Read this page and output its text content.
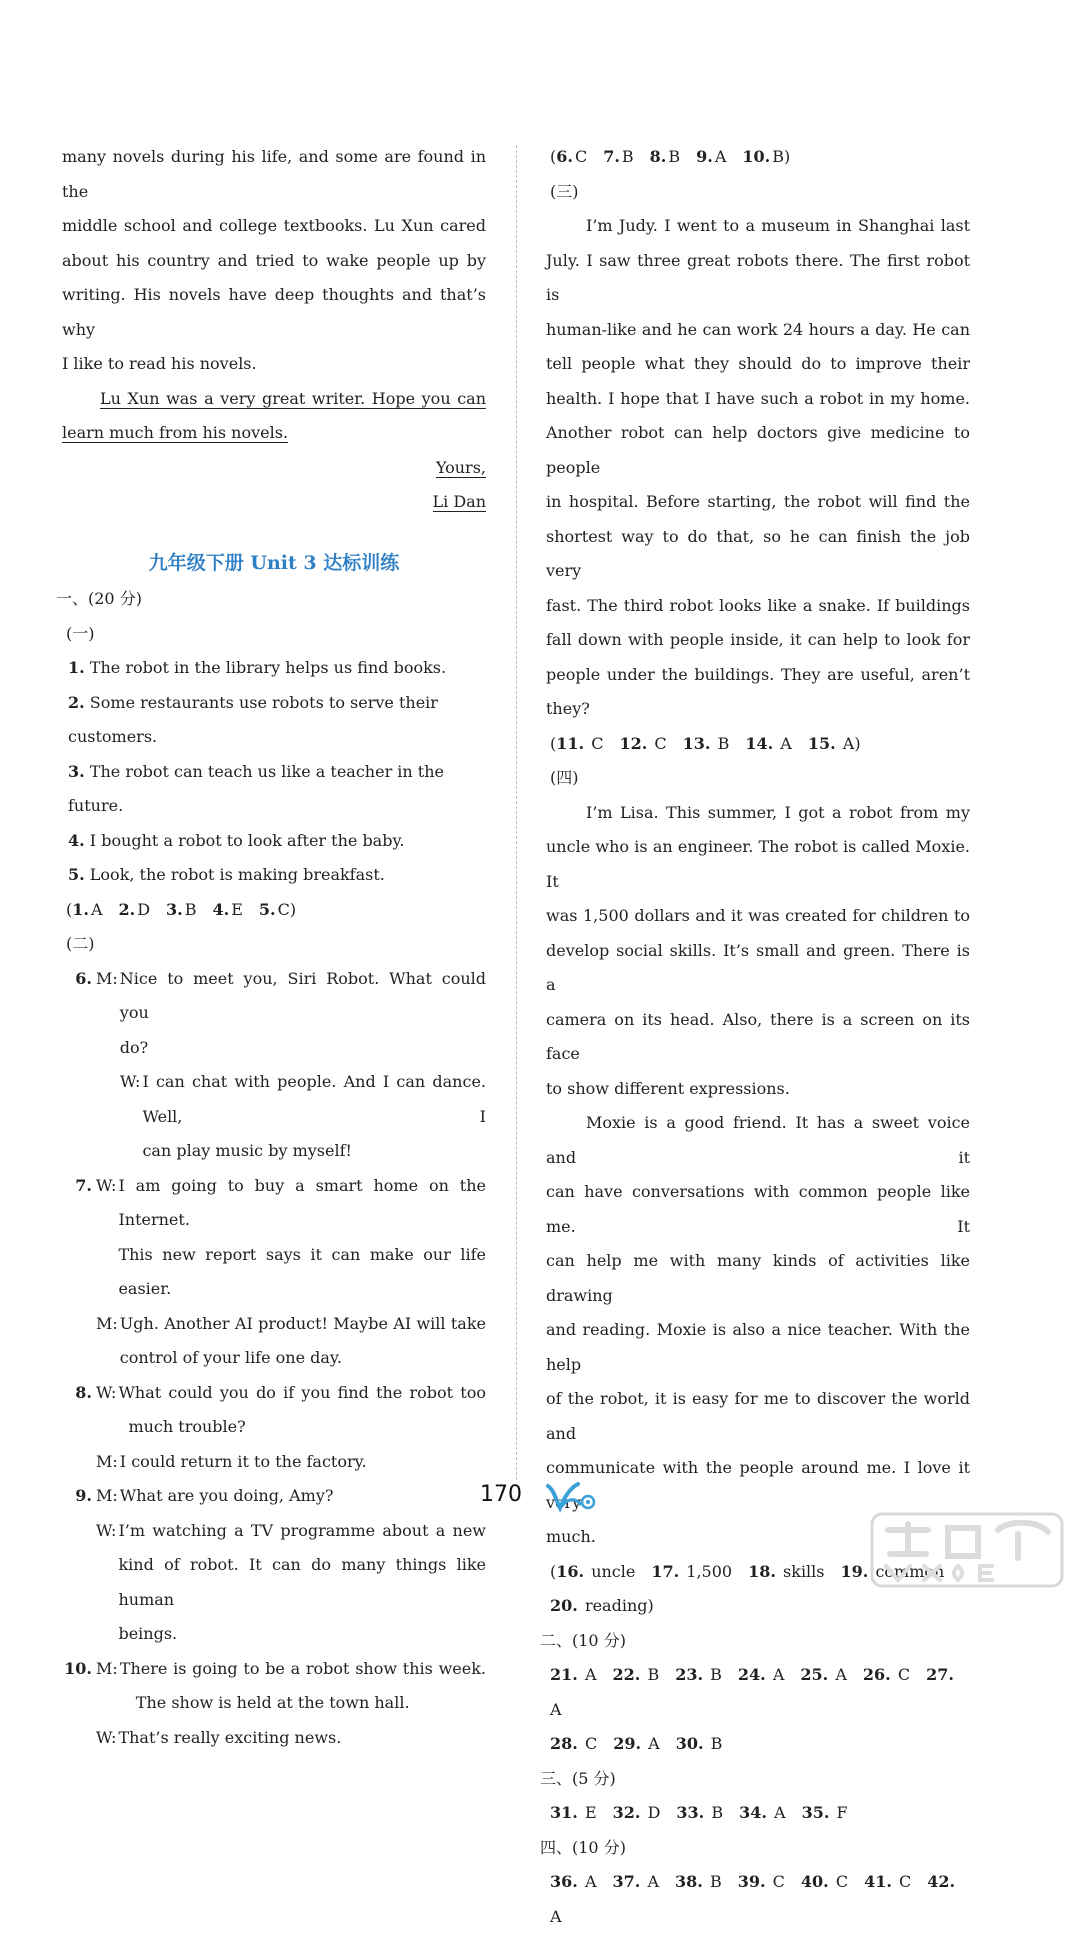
many novels during his life, and some are found in the
middle school and college textbooks. Lu Xun cared
about his country and tried to wake people up by
writing. His novels have deep thoughts and that’s why
I like to read his novels.
Lu Xun was a very great writer. Hope you can
learn much from his novels.
Yours,
Li Dan
九年级下册 Unit 3 达标训练
一、(20 分)
(一)
1. The robot in the library helps us find books.
2. Some restaurants use robots to serve their customers.
3. The robot can teach us like a teacher in the future.
4. I bought a robot to look after the baby.
5. Look, the robot is making breakfast.
(1. A 2. D 3. B 4. E 5. C)
(二)
6. M: Nice to meet you, Siri Robot. What could you
do?
W: I can chat with people. And I can dance. Well, I
can play music by myself!
7. W: I am going to buy a smart home on the Internet.
This new report says it can make our life easier.
M: Ugh. Another AI product! Maybe AI will take
control of your life one day.
8. W: What could you do if you find the robot too
much trouble?
M: I could return it to the factory.
9. M: What are you doing, Amy?
W: I’m watching a TV programme about a new
kind of robot. It can do many things like human
beings.
10. M: There is going to be a robot show this week.
The show is held at the town hall.
W: That’s really exciting news.
(6. C 7. B 8. B 9. A 10. B)
(三)
I’m Judy. I went to a museum in Shanghai last
July. I saw three great robots there. The first robot is
human-like and he can work 24 hours a day. He can
tell people what they should do to improve their
health. I hope that I have such a robot in my home.
Another robot can help doctors give medicine to people
in hospital. Before starting, the robot will find the
shortest way to do that, so he can finish the job very
fast. The third robot looks like a snake. If buildings
fall down with people inside, it can help to look for
people under the buildings. They are useful, aren’t
they?
(11. C 12. C 13. B 14. A 15. A)
(四)
I’m Lisa. This summer, I got a robot from my
uncle who is an engineer. The robot is called Moxie. It
was 1,500 dollars and it was created for children to
develop social skills. It’s small and green. There is a
camera on its head. Also, there is a screen on its face
to show different expressions.
Moxie is a good friend. It has a sweet voice and it
can have conversations with common people like me. It
can help me with many kinds of activities like drawing
and reading. Moxie is also a nice teacher. With the help
of the robot, it is easy for me to discover the world and
communicate with the people around me. I love it very
much.
(16. uncle 17. 1,500 18. skills 19. common
20. reading)
二、(10 分)
21. A 22. B 23. B 24. A 25. A 26. C 27. A
28. C 29. A 30. B
三、(5 分)
31. E 32. D 33. B 34. A 35. F
四、(10 分)
36. A 37. A 38. B 39. C 40. C 41. C 42. A
170
